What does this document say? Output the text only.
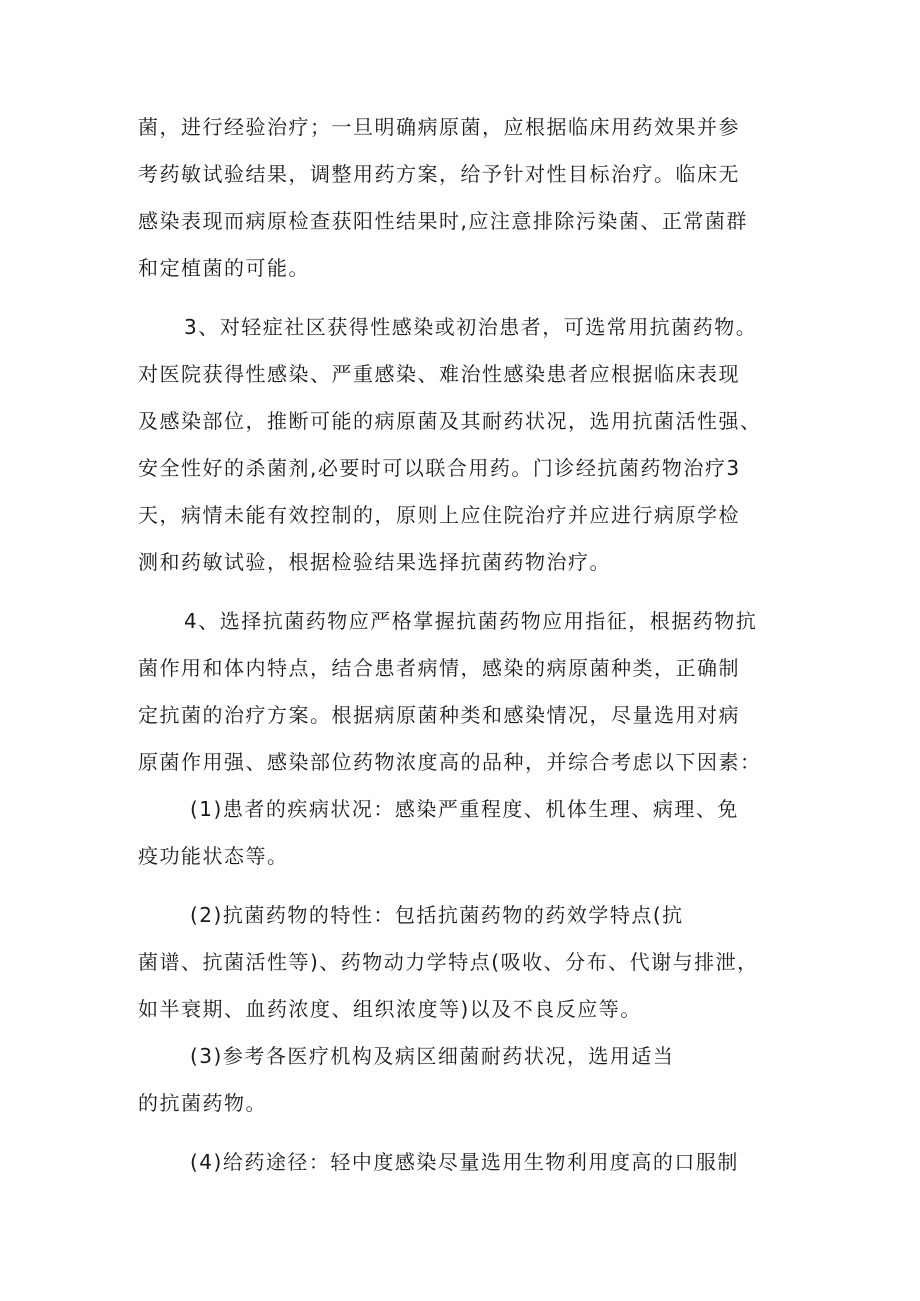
菌，进行经验治疗；一旦明确病原菌，应根据临床用药效果并参
考药敏试验结果，调整用药方案，给予针对性目标治疗。临床无
感染表现而病原检查获阳性结果时,应注意排除污染菌、正常菌群
和定植菌的可能。
3、对轻症社区获得性感染或初治患者，可选常用抗菌药物。
对医院获得性感染、严重感染、难治性感染患者应根据临床表现
及感染部位，推断可能的病原菌及其耐药状况，选用抗菌活性强、
安全性好的杀菌剂,必要时可以联合用药。门诊经抗菌药物治疗3
天，病情未能有效控制的，原则上应住院治疗并应进行病原学检
测和药敏试验，根据检验结果选择抗菌药物治疗。
4、选择抗菌药物应严格掌握抗菌药物应用指征，根据药物抗
菌作用和体内特点，结合患者病情，感染的病原菌种类，正确制
定抗菌的治疗方案。根据病原菌种类和感染情况，尽量选用对病
原菌作用强、感染部位药物浓度高的品种，并综合考虑以下因素：
(1)患者的疾病状况：感染严重程度、机体生理、病理、免
疫功能状态等。
(2)抗菌药物的特性：包括抗菌药物的药效学特点(抗
菌谱、抗菌活性等)、药物动力学特点(吸收、分布、代谢与排泄，
如半衰期、血药浓度、组织浓度等)以及不良反应等。
(3)参考各医疗机构及病区细菌耐药状况，选用适当
的抗菌药物。
(4)给药途径：轻中度感染尽量选用生物利用度高的口服制
